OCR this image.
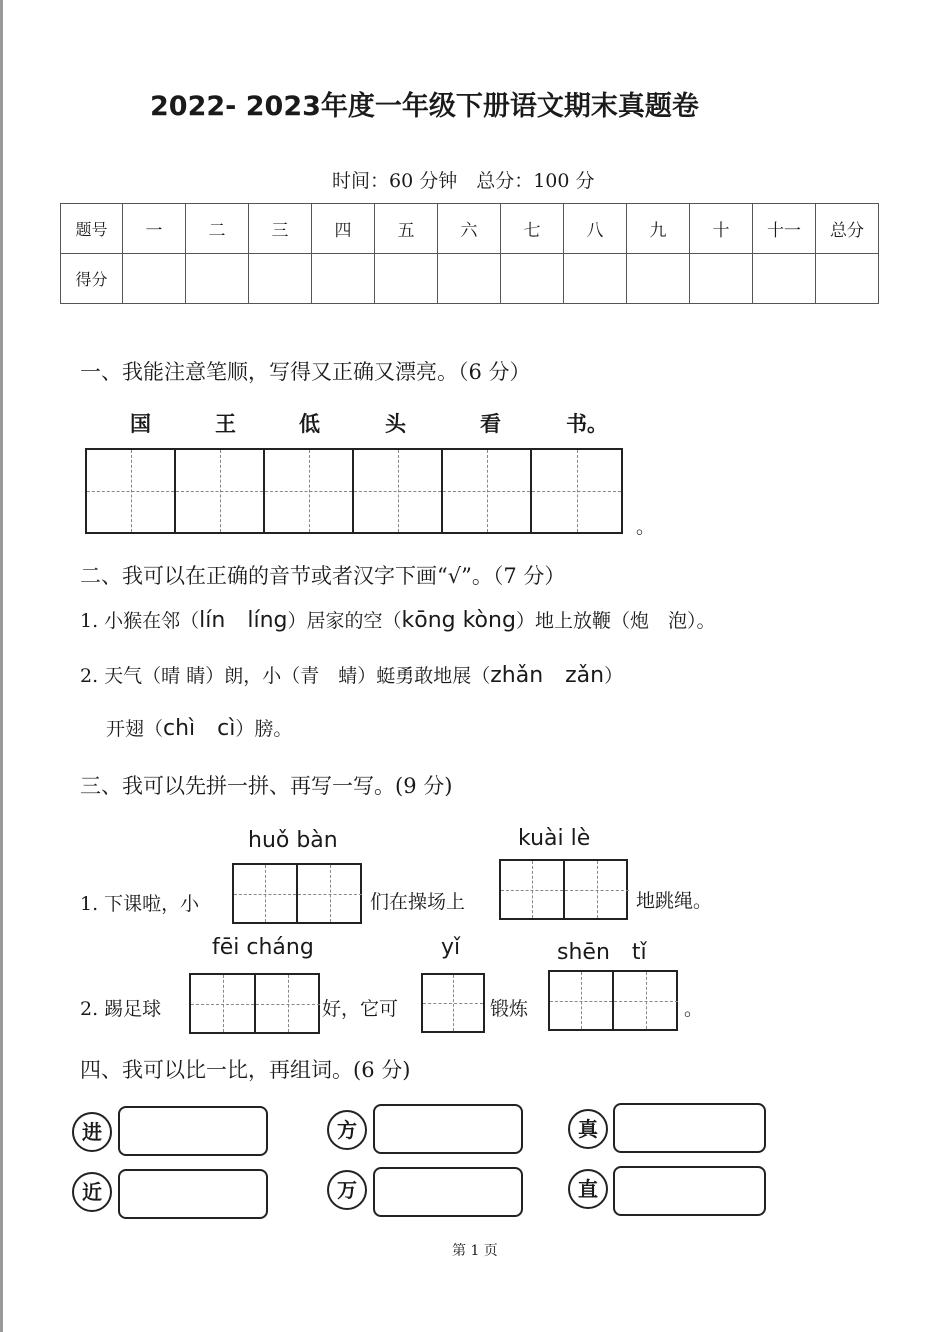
2022- 2023年度一年级下册语文期末真题卷
时间：60 分钟　总分：100 分
题号	一	二	三	四	五	六	七	八	九	十	十一	总分
得分												
一、我能注意笔顺，写得又正确又漂亮。（6 分）
国	王	低	头	看	书。
。
二、我可以在正确的音节或者汉字下画“√”。（7 分）
1. 小猴在邻（lín　líng）居家的空（kōng kòng）地上放鞭（炮　泡）。
2. 天气（晴 睛）朗，小（青　蜻）蜓勇敢地展（zhǎn　zǎn）
开翅（chì　cì）膀。
三、我可以先拼一拼、再写一写。(9 分)
huǒ bàn	kuài lè
1. 下课啦，小	们在操场上	地跳绳。
fēi cháng	yǐ	shēn　tǐ
2. 踢足球	好，它可	锻炼	。
四、我可以比一比，再组词。(6 分)
进	方	真
近	万	直
第 1 页
